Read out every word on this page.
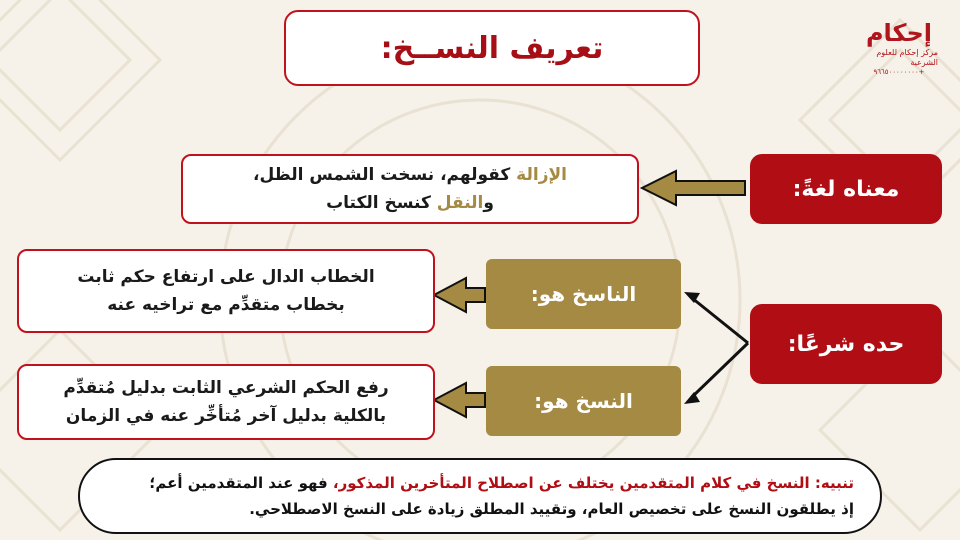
تعريف النســخ:	إحكام
مركز إحكام للعلوم الشرعية
+٩٦٦٥٠٠٠٠٠٠٠٠
معناه لغةً:
الإزالة كقولهم، نسخت الشمس الظل،
والنقل كنسخ الكتاب
حده شرعًا:
الناسخ هو:
الخطاب الدال على ارتفاع حكم ثابت
بخطاب متقدِّم مع تراخيه عنه
النسخ هو:
رفع الحكم الشرعي الثابت بدليل مُتقدِّم
بالكلية بدليل آخر مُتأخِّر عنه في الزمان
تنبيه: النسخ في كلام المتقدمين يختلف عن اصطلاح المتأخرين المذكور، فهو عند المتقدمين أعم؛
إذ يطلقون النسخ على تخصيص العام، وتقييد المطلق زيادة على النسخ الاصطلاحي.
